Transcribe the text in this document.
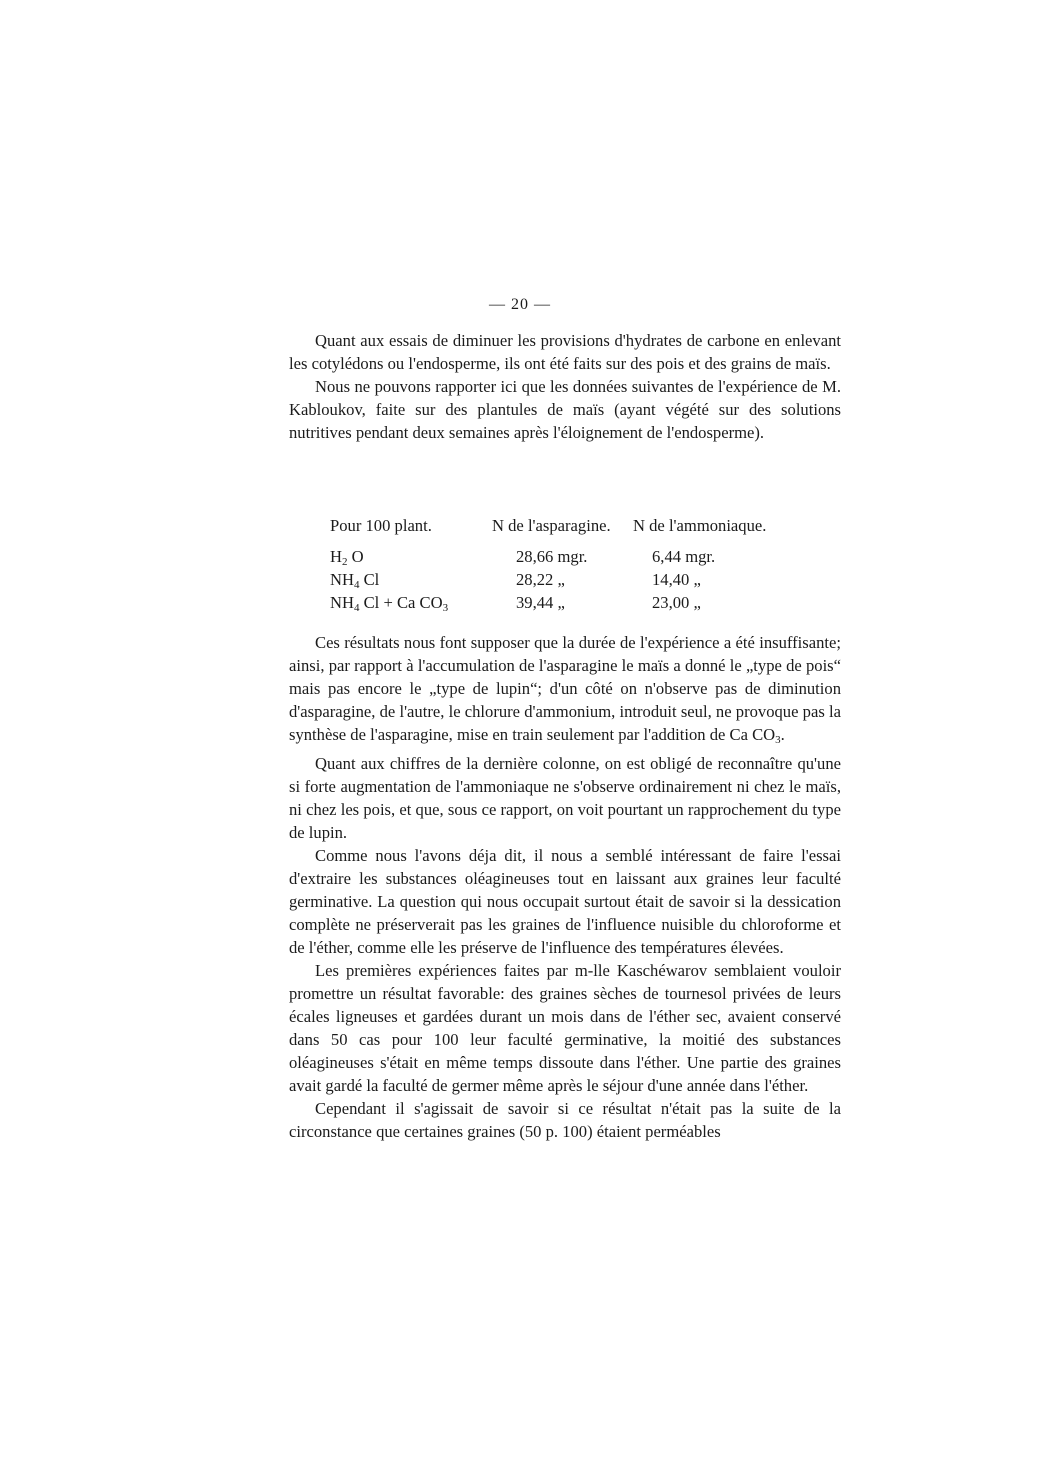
— 20 —

Quant aux essais de diminuer les provisions d'hydrates de carbone en enlevant les cotylédons ou l'endosperme, ils ont été faits sur des pois et des grains de maïs.

Nous ne pouvons rapporter ici que les données suivantes de l'expérience de M. Kabloukov, faite sur des plantules de maïs (ayant végété sur des solutions nutritives pendant deux semaines après l'éloignement de l'endosperme).

Pour 100 plant.	N de l'asparagine. N de l'ammoniaque.
$H_2$ O	28,66 mgr.	6,44 mgr.
$NH_4$ Cl	28,22 „	14,40 „
$NH_4$ Cl + Ca $CO_3$	39,44 „	23,00 „

Ces résultats nous font supposer que la durée de l'expérience a été insuffisante; ainsi, par rapport à l'accumulation de l'asparagine le maïs a donné le „type de pois“ mais pas encore le „type de lupin“; d'un côté on n'observe pas de diminution d'asparagine, de l'autre, le chlorure d'ammonium, introduit seul, ne provoque pas la synthèse de l'asparagine, mise en train seulement par l'addition de Ca $CO_3$.

Quant aux chiffres de la dernière colonne, on est obligé de reconnaître qu'une si forte augmentation de l'ammoniaque ne s'observe ordinairement ni chez le maïs, ni chez les pois, et que, sous ce rapport, on voit pourtant un rapprochement du type de lupin.

Comme nous l'avons déja dit, il nous a semblé intéressant de faire l'essai d'extraire les substances oléagineuses tout en laissant aux graines leur faculté germinative. La question qui nous occupait surtout était de savoir si la dessication complète ne préserverait pas les graines de l'influence nuisible du chloroforme et de l'éther, comme elle les préserve de l'influence des températures élevées.

Les premières expériences faites par m-lle Kaschéwarov semblaient vouloir promettre un résultat favorable: des graines sèches de tournesol privées de leurs écales ligneuses et gardées durant un mois dans de l'éther sec, avaient conservé dans 50 cas pour 100 leur faculté germinative, la moitié des substances oléagineuses s'était en même temps dissoute dans l'éther. Une partie des graines avait gardé la faculté de germer même après le séjour d'une année dans l'éther.

Cependant il s'agissait de savoir si ce résultat n'était pas la suite de la circonstance que certaines graines (50 p. 100) étaient perméables
